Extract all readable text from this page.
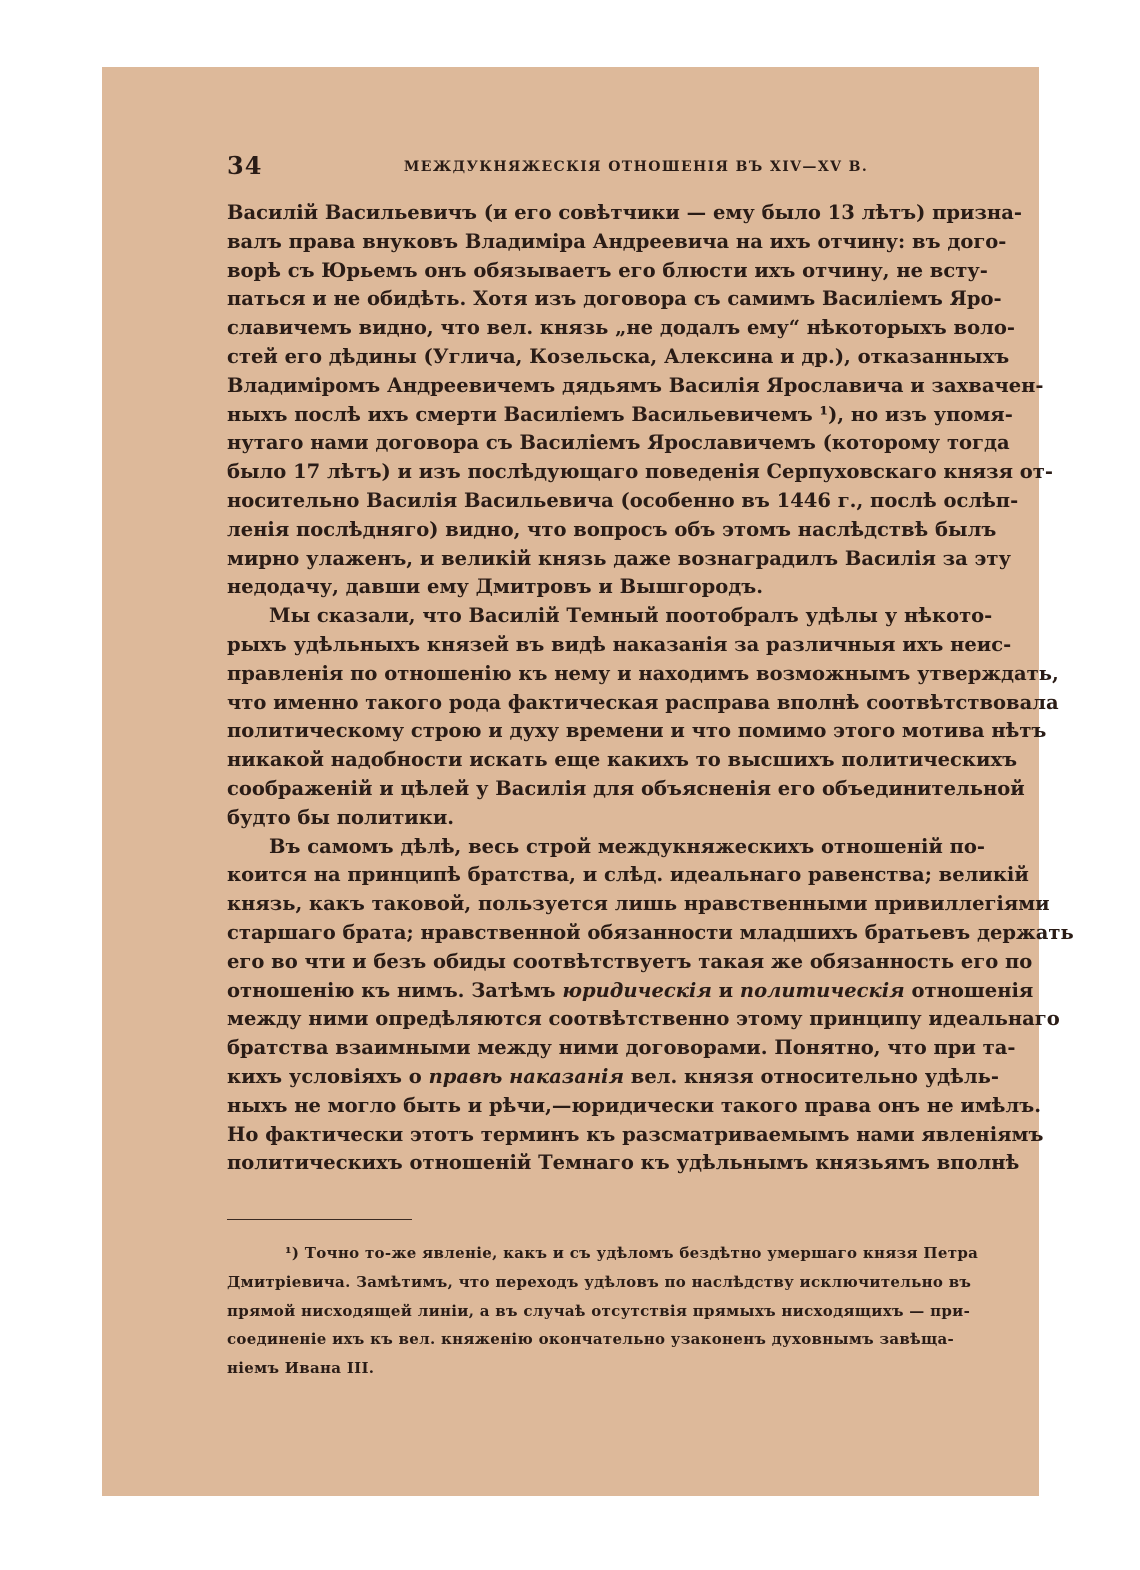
34	МЕЖДУКНЯЖЕСКІЯ ОТНОШЕНІЯ ВЪ XIV—XV В.
Василій Васильевичъ (и его совѣтчики — ему было 13 лѣтъ) призна-
валъ права внуковъ Владиміра Андреевича на ихъ отчину: въ дого-
ворѣ съ Юрьемъ онъ обязываетъ его блюсти ихъ отчину, не всту-
паться и не обидѣть. Хотя изъ договора съ самимъ Василіемъ Яро-
славичемъ видно, что вел. князь „не додалъ ему“ нѣкоторыхъ воло-
стей его дѣдины (Углича, Козельска, Алексина и др.), отказанныхъ
Владиміромъ Андреевичемъ дядьямъ Василія Ярославича и захвачен-
ныхъ послѣ ихъ смерти Василіемъ Васильевичемъ ¹), но изъ упомя-
нутаго нами договора съ Василіемъ Ярославичемъ (которому тогда
было 17 лѣтъ) и изъ послѣдующаго поведенія Серпуховскаго князя от-
носительно Василія Васильевича (особенно въ 1446 г., послѣ ослѣп-
ленія послѣдняго) видно, что вопросъ объ этомъ наслѣдствѣ былъ
мирно улаженъ, и великій князь даже вознаградилъ Василія за эту
недодачу, давши ему Дмитровъ и Вышгородъ.
Мы сказали, что Василій Темный поотобралъ удѣлы у нѣкото-
рыхъ удѣльныхъ князей въ видѣ наказанія за различныя ихъ неис-
правленія по отношенію къ нему и находимъ возможнымъ утверждать,
что именно такого рода фактическая расправа вполнѣ соотвѣтствовала
политическому строю и духу времени и что помимо этого мотива нѣтъ
никакой надобности искать еще какихъ то высшихъ политическихъ
соображеній и цѣлей у Василія для объясненія его объединительной
будто бы политики.
Въ самомъ дѣлѣ, весь строй междукняжескихъ отношеній по-
коится на принципѣ братства, и слѣд. идеальнаго равенства; великій
князь, какъ таковой, пользуется лишь нравственными привиллегіями
старшаго брата; нравственной обязанности младшихъ братьевъ держать
его во чти и безъ обиды соотвѣтствуетъ такая же обязанность его по
отношенію къ нимъ. Затѣмъ юридическія и политическія отношенія
между ними опредѣляются соотвѣтственно этому принципу идеальнаго
братства взаимными между ними договорами. Понятно, что при та-
кихъ условіяхъ о правѣ наказанія вел. князя относительно удѣль-
ныхъ не могло быть и рѣчи,—юридически такого права онъ не имѣлъ.
Но фактически этотъ терминъ къ разсматриваемымъ нами явленіямъ
политическихъ отношеній Темнаго къ удѣльнымъ князьямъ вполнѣ
¹) Точно то-же явленіе, какъ и съ удѣломъ бездѣтно умершаго князя Петра
Дмитріевича. Замѣтимъ, что переходъ удѣловъ по наслѣдству исключительно въ
прямой нисходящей линіи, а въ случаѣ отсутствія прямыхъ нисходящихъ — при-
соединеніе ихъ къ вел. княженію окончательно узаконенъ духовнымъ завѣща-
ніемъ Ивана III.
